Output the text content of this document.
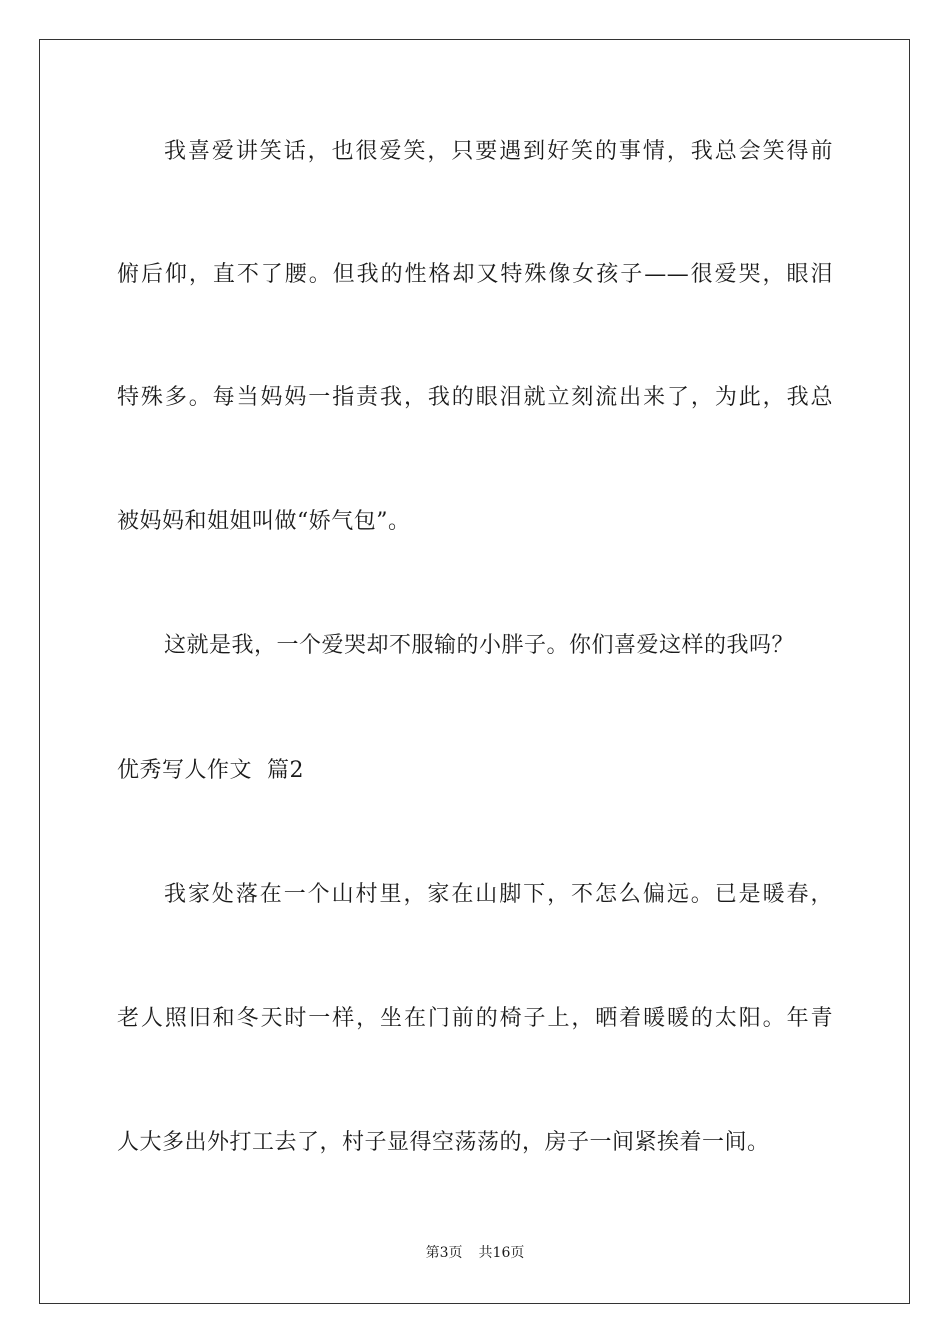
我喜爱讲笑话，也很爱笑，只要遇到好笑的事情，我总会笑得前
俯后仰，直不了腰。但我的性格却又特殊像女孩子——很爱哭，眼泪
特殊多。每当妈妈一指责我，我的眼泪就立刻流出来了，为此，我总
被妈妈和姐姐叫做“娇气包”。
这就是我，一个爱哭却不服输的小胖子。你们喜爱这样的我吗？
优秀写人作文  篇2
我家处落在一个山村里，家在山脚下，不怎么偏远。已是暖春，
老人照旧和冬天时一样，坐在门前的椅子上，晒着暖暖的太阳。年青
人大多出外打工去了，村子显得空荡荡的，房子一间紧挨着一间。
第3页 共16页
